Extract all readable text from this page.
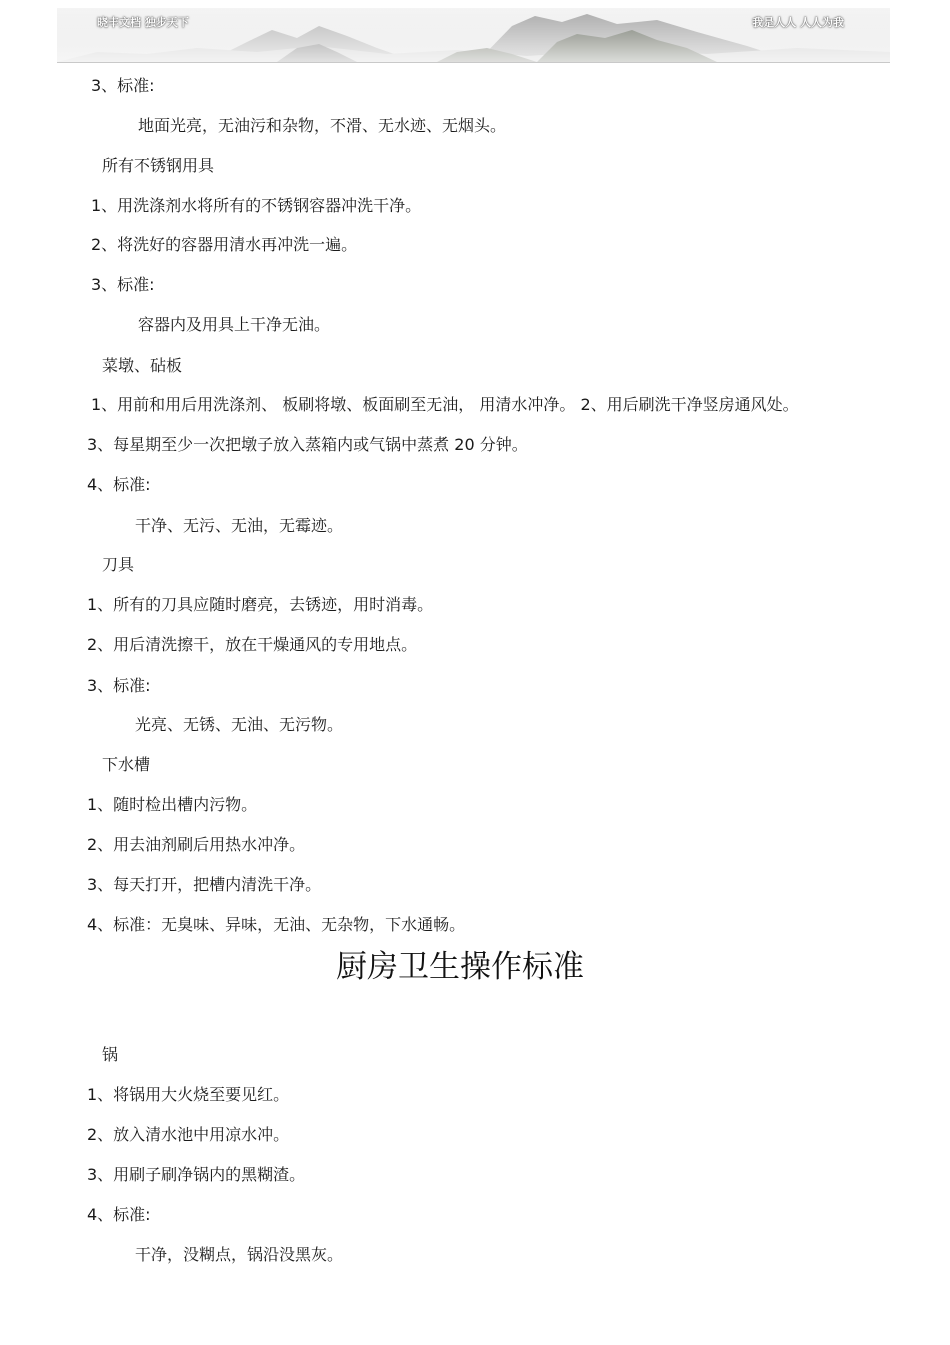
晓丰文档 独步天下	我是人人 人人为我
3、标准:
地面光亮，无油污和杂物，不滑、无水迹、无烟头。
所有不锈钢用具
1、用洗涤剂水将所有的不锈钢容器冲洗干净。
2、将洗好的容器用清水再冲洗一遍。
3、标准:
容器内及用具上干净无油。
菜墩、砧板
1、用前和用后用洗涤剂、 板刷将墩、板面刷至无油， 用清水冲净。 2、用后刷洗干净竖房通风处。
3、每星期至少一次把墩子放入蒸箱内或气锅中蒸煮 20 分钟。
4、标准:
干净、无污、无油，无霉迹。
刀具
1、所有的刀具应随时磨亮，去锈迹，用时消毒。
2、用后清洗擦干，放在干燥通风的专用地点。
3、标准:
光亮、无锈、无油、无污物。
下水槽
1、随时检出槽内污物。
2、用去油剂刷后用热水冲净。
3、每天打开，把槽内清洗干净。
4、标准：无臭味、异味，无油、无杂物，下水通畅。
厨房卫生操作标准
锅
1、将锅用大火烧至要见红。
2、放入清水池中用凉水冲。
3、用刷子刷净锅内的黑糊渣。
4、标准:
干净，没糊点，锅沿没黑灰。
